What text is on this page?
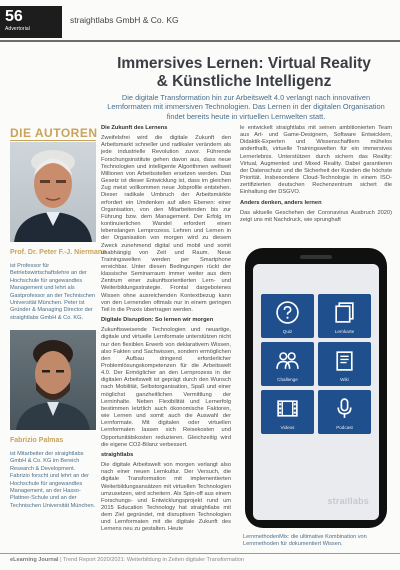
56
Advertorial
straightlabs GmbH & Co. KG
Immersives Lernen: Virtual Reality
& Künstliche Intelligenz
Die digitale Transformation hin zur Arbeitswelt 4.0 verlangt nach innovativen Lernformaten mit immersiven Technologien. Das Lernen in der digitalen Organisation findet bereits heute in virtuellen Lernwelten statt.
DIE AUTOREN
Prof. Dr. Peter F.-J. Niermann
ist Professor für Betriebswirtschaftslehre an der Hochschule für angewandtes Management und lehrt als Gastprofessor an der Technischen Universität München. Peter ist Gründer & Managing Director der straightlabs GmbH & Co. KG.
Fabrizio Palmas
ist Mitarbeiter der straightlabs GmbH & Co. KG im Bereich Research & Development. Fabrizio forscht und lehrt an der Hochschule für angewandtes Management, an der Hasso-Plattner-Schule und an der Technischen Universität München.
Die Zukunft des Lernens
Zweifelsfrei wird die digitale Zukunft den Arbeitsmarkt schneller und radikaler verändern als jede industrielle Revolution zuvor. Führende Forschungsinstitute gehen davon aus, dass neue Technologien und intelligente Algorithmen weltweit Millionen von Arbeitsstellen ersetzen werden. Das Gesetz ist dieser Entwicklung ist, dass im gleichen Zug meist vollkommen neue Jobprofile entstehen. Dieser radikale Umbruch der Arbeitsmärkte erfordert ein Umdenken auf allen Ebenen: einer Organisation, von den Mitarbeitenden bis zur Führung bzw. dem Management. Der Erfolg im kontinuierlichen Wandel erfordert einen lebenslangen Lernprozess. Lehren und Lernen in der Organisation von morgen wird zu diesem Zweck zunehmend digital und mobil und somit unabhängig von Zeit und Raum. Neue Trainingswelten werden per Smartphone erreichbar. Unter diesen Bedingungen rückt der klassische Seminarraum immer weiter aus dem Zentrum einer zukunftsorientierten Lern- und Weiterbildungsstrategie. Frontal dargebotenes Wissen ohne ausreichenden Kontextbezug kann von den Lernenden oftmals nur in einem geringen Teil in die Praxis übertragen werden.
Digitale Disruption: So lernen wir morgen
Zukunftsweisende Technologien und neuartige, digitale und virtuelle Lernformate unterstützen nicht nur den flexiblen Erwerb von deklarativem Wissen, also Fakten und Sachwissen, sondern ermöglichen den Aufbau dringend erforderlicher Problemlösungskompetenzen für die Arbeitswelt 4.0. Der Ermöglicher an den Lernprozess in der digitalen Arbeitswelt ist geprägt durch den Wunsch nach Mobilität, Selbstorganisation, Spaß und einer möglichst ganzheitlichen Vermittlung der Lerninhalte. Neben Flexibilität und Lernerfolg bestimmen letztlich auch ökonomische Faktoren, wie Lernen und somit auch die Auswahl der Lernformate. Mit digitalen oder virtuellen Lernformaten lassen sich Reisekosten und Opportunitätskosten reduzieren. Gleichzeitig wird die eigene CO2-Bilanz verbessert.
straightlabs
Die digitale Arbeitswelt von morgen verlangt also nach einer neuen Lernkultur. Der Versuch, die digitale Transformation mit implementierten Weiterbildungsansätzen mit virtuellen Technologien umzusetzen, wird scheitern. Als Spin-off aus einem Forschungs- und Entwicklungsprojekt rund um 2015 Education Technology hat straightlabs mit dem Ziel gegründet, mit disruptiven Technologien und Lernformaten mit die digitale Zukunft des Lernens neu zu gestalten. Heute
le entwickelt straightlabs mit seinen ambitionierten Team aus Art- und Game-Designern, Software Entwicklern, Didaktik-Experten und Wissenschaftlern mühelos anderthalb, virtuelle Trainingswelten für ein immersives Lernerlebnis. Unterstützen durch sichern das Reality: Virtual, Augmented und Mixed Reality. Dabei garantieren der Datenschutz und die Sicherheit der Kunden die höchste Priorität. Insbesondere Cloud-Technologie in einem ISO-zertifizierten deutschen Rechenzentrum sichert die Einhaltung der DSGVO.
Anders denken, anders lernen
Das aktuelle Geschehen der Coronavirus Ausbruch 2020) zeigt uns mit Nachdruck, wie sprunghaft
Quiz	Lernkarte
Challenge	Wiki
Videos	Podcast
straillabs
LernmethodenMix: die ultimative Kombination von Lernmethoden für dokumentiert Wissen.
eLearning Journal | Trend Report 2020/2021: Weiterbildung in Zeiten digitaler Transformation
